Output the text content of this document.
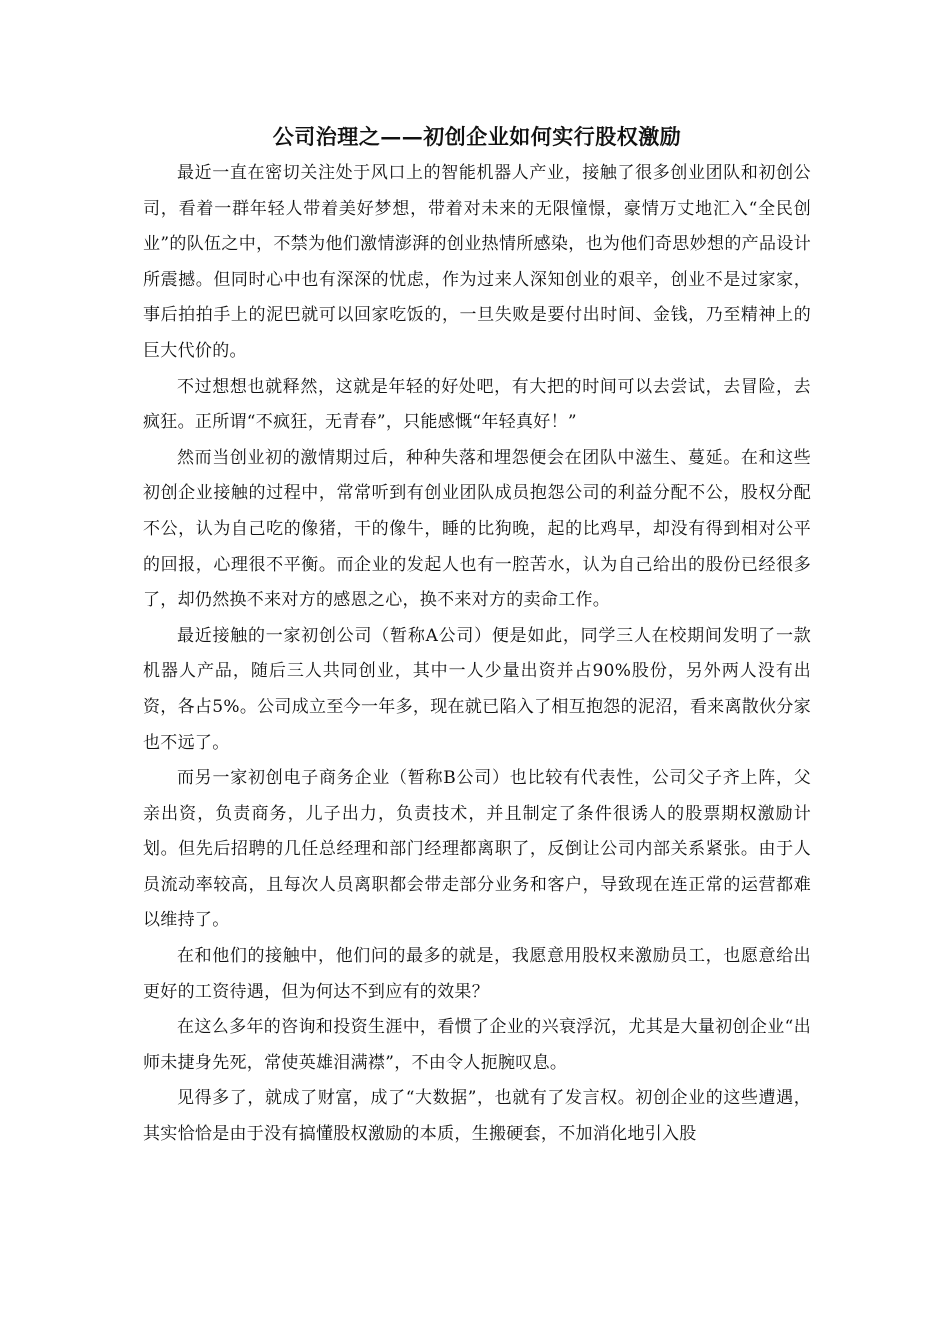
公司治理之——初创企业如何实行股权激励

最近一直在密切关注处于风口上的智能机器人产业，接触了很多创业团队和初创公司，看着一群年轻人带着美好梦想，带着对未来的无限憧憬，豪情万丈地汇入“全民创业”的队伍之中，不禁为他们激情澎湃的创业热情所感染，也为他们奇思妙想的产品设计所震撼。但同时心中也有深深的忧虑，作为过来人深知创业的艰辛，创业不是过家家，事后拍拍手上的泥巴就可以回家吃饭的，一旦失败是要付出时间、金钱，乃至精神上的巨大代价的。

不过想想也就释然，这就是年轻的好处吧，有大把的时间可以去尝试，去冒险，去疯狂。正所谓“不疯狂，无青春”，只能感慨“年轻真好！”

然而当创业初的激情期过后，种种失落和埋怨便会在团队中滋生、蔓延。在和这些初创企业接触的过程中，常常听到有创业团队成员抱怨公司的利益分配不公，股权分配不公，认为自己吃的像猪，干的像牛，睡的比狗晚，起的比鸡早，却没有得到相对公平的回报，心理很不平衡。而企业的发起人也有一腔苦水，认为自己给出的股份已经很多了，却仍然换不来对方的感恩之心，换不来对方的卖命工作。

最近接触的一家初创公司（暂称A公司）便是如此，同学三人在校期间发明了一款机器人产品，随后三人共同创业，其中一人少量出资并占90%股份，另外两人没有出资，各占5%。公司成立至今一年多，现在就已陷入了相互抱怨的泥沼，看来离散伙分家也不远了。

而另一家初创电子商务企业（暂称B公司）也比较有代表性，公司父子齐上阵，父亲出资，负责商务，儿子出力，负责技术，并且制定了条件很诱人的股票期权激励计划。但先后招聘的几任总经理和部门经理都离职了，反倒让公司内部关系紧张。由于人员流动率较高，且每次人员离职都会带走部分业务和客户，导致现在连正常的运营都难以维持了。

在和他们的接触中，他们问的最多的就是，我愿意用股权来激励员工，也愿意给出更好的工资待遇，但为何达不到应有的效果？

在这么多年的咨询和投资生涯中，看惯了企业的兴衰浮沉，尤其是大量初创企业“出师未捷身先死，常使英雄泪满襟”，不由令人扼腕叹息。

见得多了，就成了财富，成了“大数据”，也就有了发言权。初创企业的这些遭遇，其实恰恰是由于没有搞懂股权激励的本质，生搬硬套，不加消化地引入股
